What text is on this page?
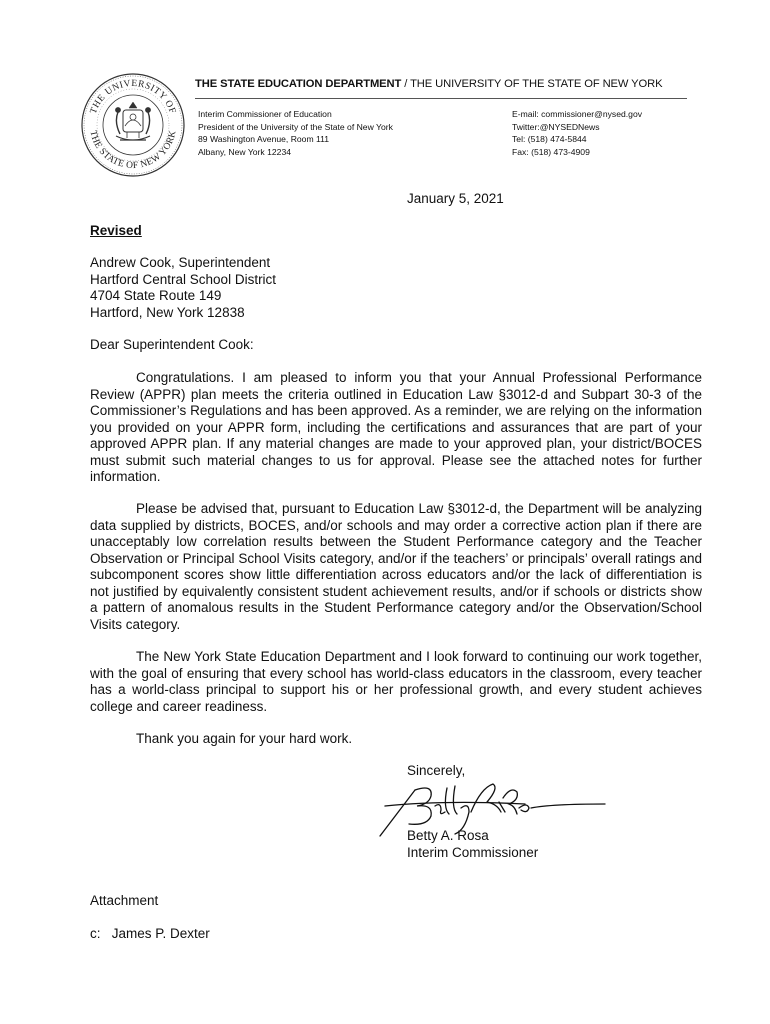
THE UNIVERSITY OF
THE STATE OF NEW YORK
THE STATE EDUCATION DEPARTMENT / THE UNIVERSITY OF THE STATE OF NEW YORK
Interim Commissioner of Education
President of the University of the State of New York
89 Washington Avenue, Room 111
Albany, New York 12234
E-mail: commissioner@nysed.gov
Twitter:@NYSEDNews
Tel: (518) 474-5844
Fax: (518) 473-4909
January 5, 2021
Revised
Andrew Cook, Superintendent
Hartford Central School District
4704 State Route 149
Hartford, New York 12838
Dear Superintendent Cook:

Congratulations. I am pleased to inform you that your Annual Professional Performance Review (APPR) plan meets the criteria outlined in Education Law §3012-d and Subpart 30-3 of the Commissioner’s Regulations and has been approved. As a reminder, we are relying on the information you provided on your APPR form, including the certifications and assurances that are part of your approved APPR plan. If any material changes are made to your approved plan, your district/BOCES must submit such material changes to us for approval. Please see the attached notes for further information.

Please be advised that, pursuant to Education Law §3012-d, the Department will be analyzing data supplied by districts, BOCES, and/or schools and may order a corrective action plan if there are unacceptably low correlation results between the Student Performance category and the Teacher Observation or Principal School Visits category, and/or if the teachers’ or principals’ overall ratings and subcomponent scores show little differentiation across educators and/or the lack of differentiation is not justified by equivalently consistent student achievement results, and/or if schools or districts show a pattern of anomalous results in the Student Performance category and/or the Observation/School Visits category.

The New York State Education Department and I look forward to continuing our work together, with the goal of ensuring that every school has world-class educators in the classroom, every teacher has a world-class principal to support his or her professional growth, and every student achieves college and career readiness.

Thank you again for your hard work.
Sincerely,
Betty A. Rosa
Interim Commissioner
Attachment
c:   James P. Dexter
